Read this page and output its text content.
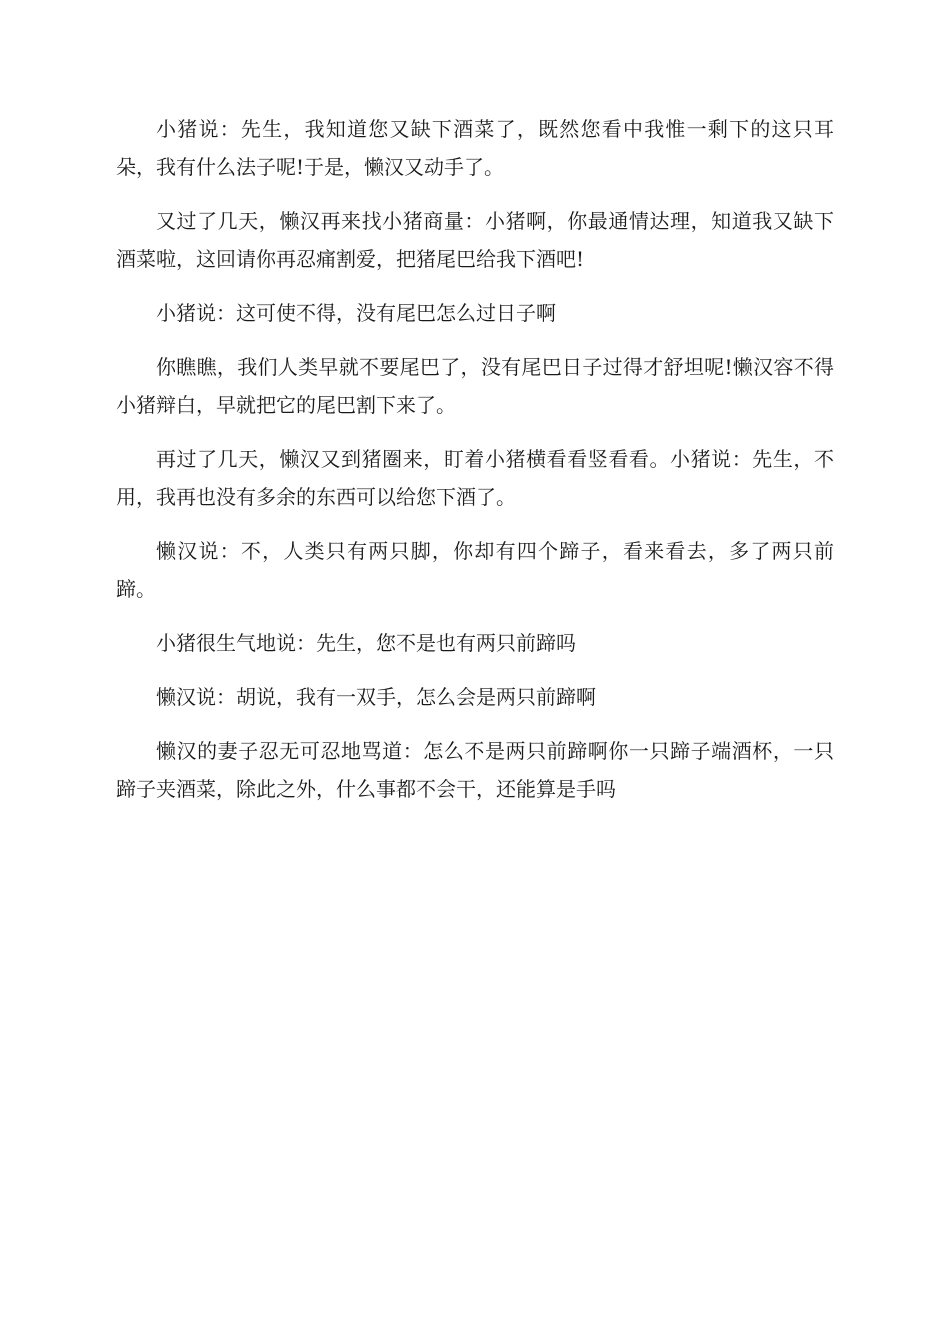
小猪说：先生，我知道您又缺下酒菜了，既然您看中我惟一剩下的这只耳朵，我有什么法子呢!于是，懒汉又动手了。

又过了几天，懒汉再来找小猪商量：小猪啊，你最通情达理，知道我又缺下酒菜啦，这回请你再忍痛割爱，把猪尾巴给我下酒吧!

小猪说：这可使不得，没有尾巴怎么过日子啊

你瞧瞧，我们人类早就不要尾巴了，没有尾巴日子过得才舒坦呢!懒汉容不得小猪辩白，早就把它的尾巴割下来了。

再过了几天，懒汉又到猪圈来，盯着小猪横看看竖看看。小猪说：先生，不用，我再也没有多余的东西可以给您下酒了。

懒汉说：不，人类只有两只脚，你却有四个蹄子，看来看去，多了两只前蹄。

小猪很生气地说：先生，您不是也有两只前蹄吗

懒汉说：胡说，我有一双手，怎么会是两只前蹄啊

懒汉的妻子忍无可忍地骂道：怎么不是两只前蹄啊你一只蹄子端酒杯，一只蹄子夹酒菜，除此之外，什么事都不会干，还能算是手吗
